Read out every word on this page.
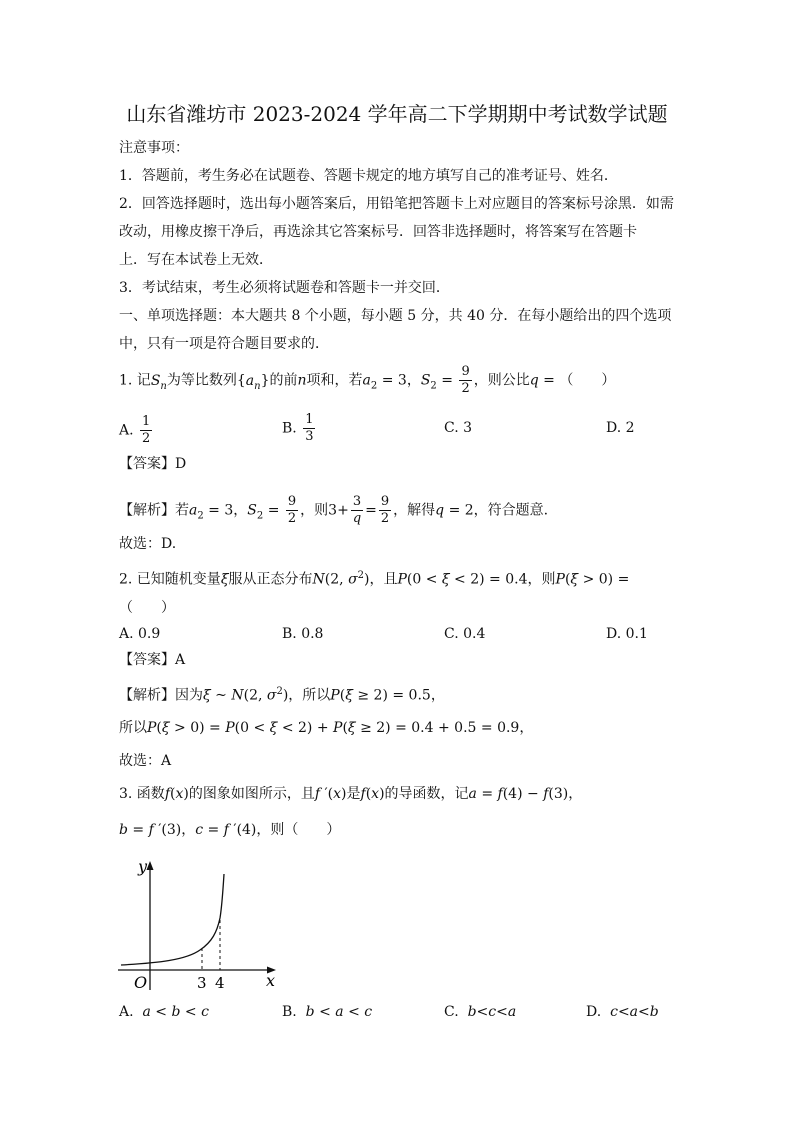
山东省潍坊市 2023-2024 学年高二下学期期中考试数学试题
注意事项：
1．答题前，考生务必在试题卷、答题卡规定的地方填写自己的准考证号、姓名．
2．回答选择题时，选出每小题答案后，用铅笔把答题卡上对应题目的答案标号涂黑．如需
改动，用橡皮擦干净后，再选涂其它答案标号．回答非选择题时，将答案写在答题卡
上．写在本试卷上无效．
3．考试结束，考生必须将试题卷和答题卡一并交回．
一、单项选择题：本大题共 8 个小题，每小题 5 分，共 40 分．在每小题给出的四个选项
中，只有一项是符合题目要求的．
1. 记$S_n$为等比数列$\{a_n\}$的前n项和，若$a_2 = 3$，$S_2 = \frac{9}{2}$ ，则公比q = （　　）
A. $\frac{1}{2}$	B. $\frac{1}{3}$	C. 3	D. 2
【答案】D
【解析】若$a_2 = 3$，$S_2 = \frac{9}{2}$ ，则$3+ \frac{3}{q} = \frac{9}{2}$ ，解得q = 2，符合题意.
故选：D.
2. 已知随机变量ξ服从正态分布N(2, $\sigma^2$)，且P(0 < ξ < 2) = 0.4，则P(ξ > 0) =
（　　）
A. 0.9	B. 0.8	C. 0.4	D. 0.1
【答案】A
【解析】因为ξ ~ N(2, $\sigma^2$)，所以P(ξ ≥ 2) = 0.5，
所以P(ξ > 0) = P(0 < ξ < 2) + P(ξ ≥ 2) = 0.4 + 0.5 = 0.9，
故选：A
3. 函数f(x)的图象如图所示，且f ′(x)是f(x)的导函数，记a = f(4) − f(3)，
b = f ′(3)，c = f ′(4)，则（　　）
y
x
O	3 4
A. a < b < c	B. b < a < c	C. b<c<a	D. c<a<b
